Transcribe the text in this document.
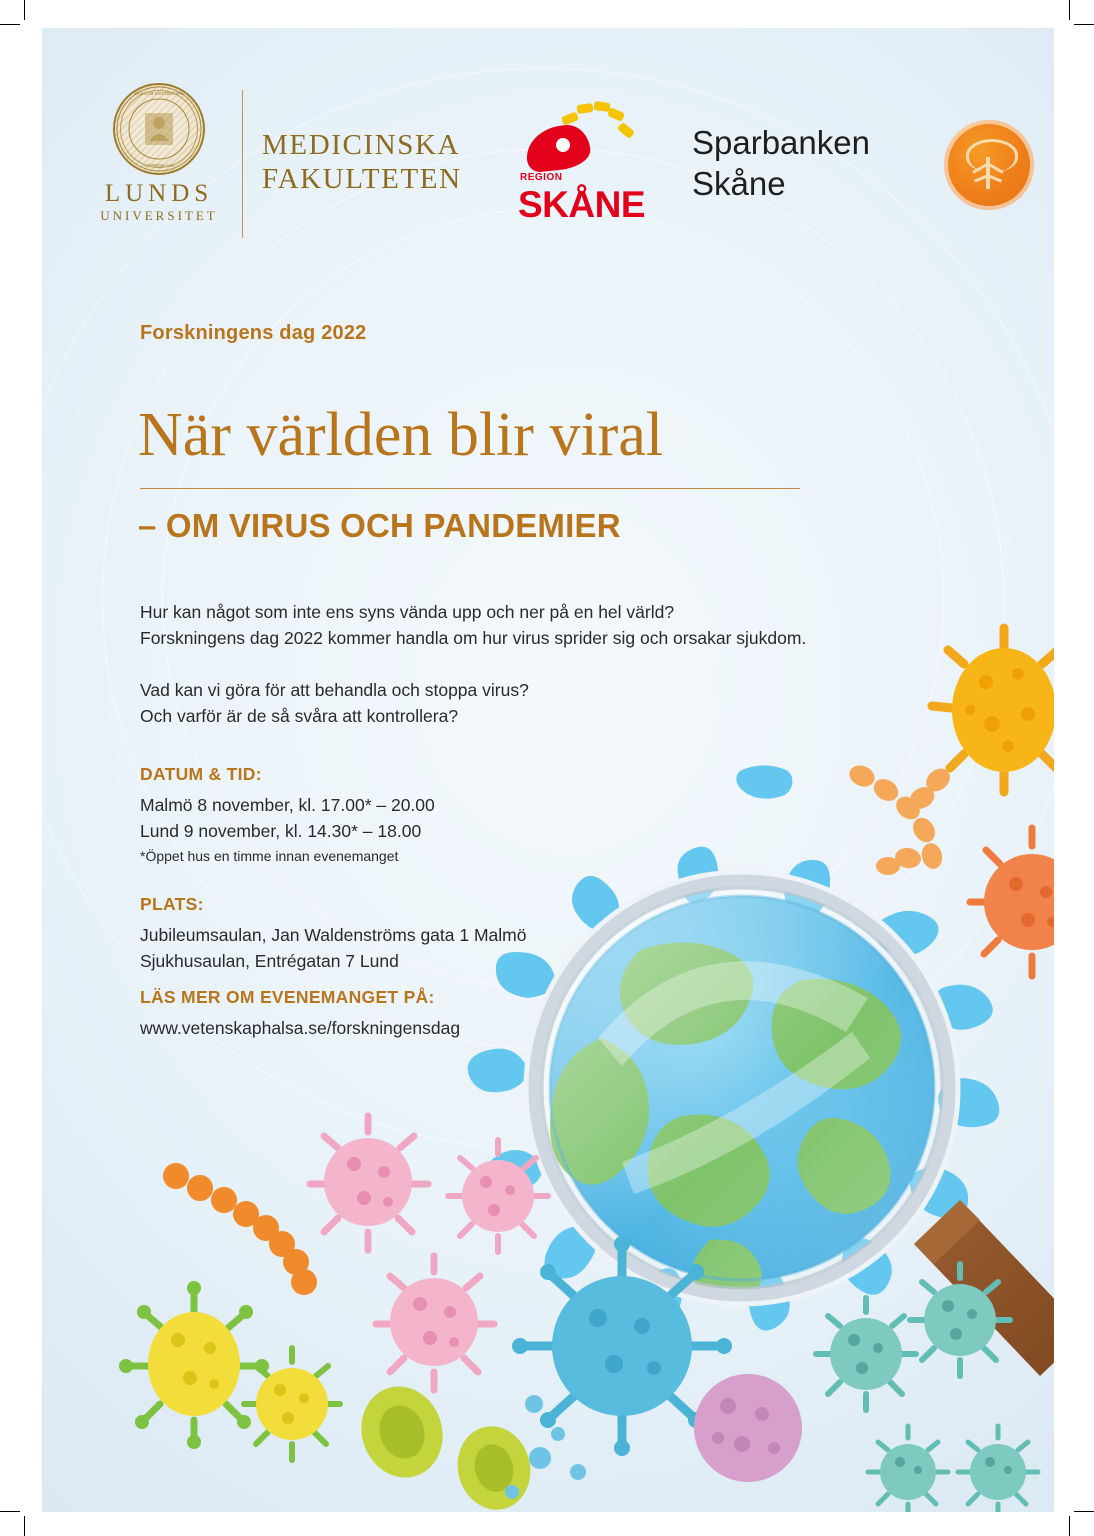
SIGILLUM UNIVERSITATIS
LUNDENSIS 1666
LUNDS
UNIVERSITET
MEDICINSKA
FAKULTETEN	REGION
SKÅNE
Sparbanken
Skåne
Forskningens dag 2022
När världen blir viral
– OM VIRUS OCH PANDEMIER
Hur kan något som inte ens syns vända upp och ner på en hel värld?
Forskningens dag 2022 kommer handla om hur virus sprider sig och orsakar sjukdom.
Vad kan vi göra för att behandla och stoppa virus?
Och varför är de så svåra att kontrollera?
DATUM & TID:
Malmö 8 november, kl. 17.00* – 20.00
Lund 9 november, kl. 14.30* – 18.00
*Öppet hus en timme innan evenemanget
PLATS:
Jubileumsaulan, Jan Waldenströms gata 1 Malmö
Sjukhusaulan, Entrégatan 7 Lund
LÄS MER OM EVENEMANGET PÅ:
www.vetenskaphalsa.se/forskningensdag
